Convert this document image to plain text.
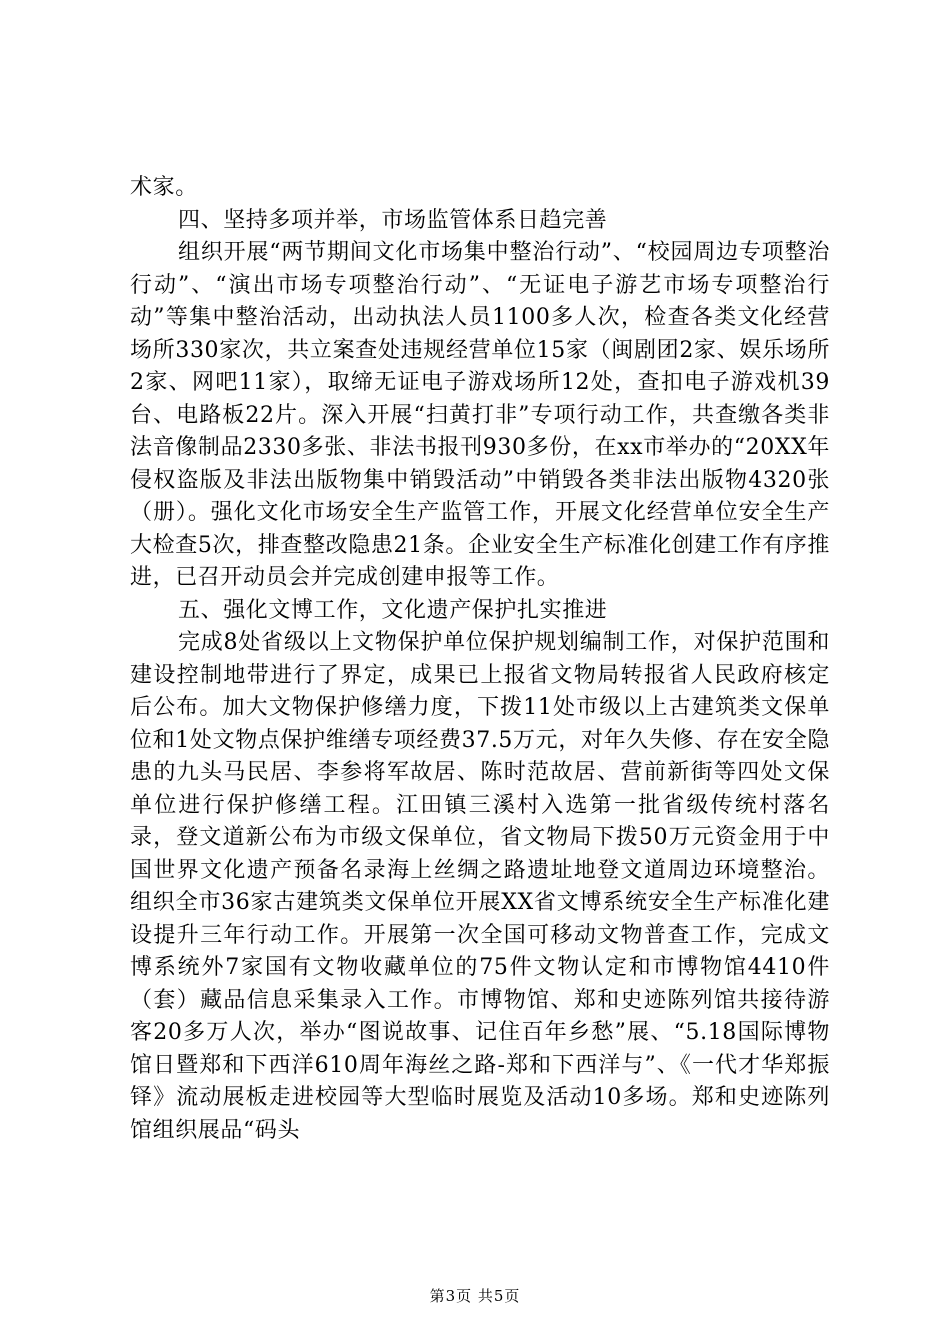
术家。

四、坚持多项并举，市场监管体系日趋完善

组织开展“两节期间文化市场集中整治行动”、“校园周边专项整治行动”、“演出市场专项整治行动”、“无证电子游艺市场专项整治行动”等集中整治活动，出动执法人员1100多人次，检查各类文化经营场所330家次，共立案查处违规经营单位15家（闽剧团2家、娱乐场所2家、网吧11家），取缔无证电子游戏场所12处，查扣电子游戏机39台、电路板22片。深入开展“扫黄打非”专项行动工作，共查缴各类非法音像制品2330多张、非法书报刊930多份，在xx市举办的“20XX年侵权盗版及非法出版物集中销毁活动”中销毁各类非法出版物4320张（册）。强化文化市场安全生产监管工作，开展文化经营单位安全生产大检查5次，排查整改隐患21条。企业安全生产标准化创建工作有序推进，已召开动员会并完成创建申报等工作。

五、强化文博工作，文化遗产保护扎实推进

完成8处省级以上文物保护单位保护规划编制工作，对保护范围和建设控制地带进行了界定，成果已上报省文物局转报省人民政府核定后公布。加大文物保护修缮力度，下拨11处市级以上古建筑类文保单位和1处文物点保护维缮专项经费37.5万元，对年久失修、存在安全隐患的九头马民居、李参将军故居、陈时范故居、营前新街等四处文保单位进行保护修缮工程。江田镇三溪村入选第一批省级传统村落名录，登文道新公布为市级文保单位，省文物局下拨50万元资金用于中国世界文化遗产预备名录海上丝绸之路遗址地登文道周边环境整治。组织全市36家古建筑类文保单位开展XX省文博系统安全生产标准化建设提升三年行动工作。开展第一次全国可移动文物普查工作，完成文博系统外7家国有文物收藏单位的75件文物认定和市博物馆4410件（套）藏品信息采集录入工作。市博物馆、郑和史迹陈列馆共接待游客20多万人次，举办“图说故事、记住百年乡愁”展、“5.18国际博物馆日暨郑和下西洋610周年海丝之路-郑和下西洋与”、《一代才华郑振铎》流动展板走进校园等大型临时展览及活动10多场。郑和史迹陈列馆组织展品“码头

第3页 共5页
